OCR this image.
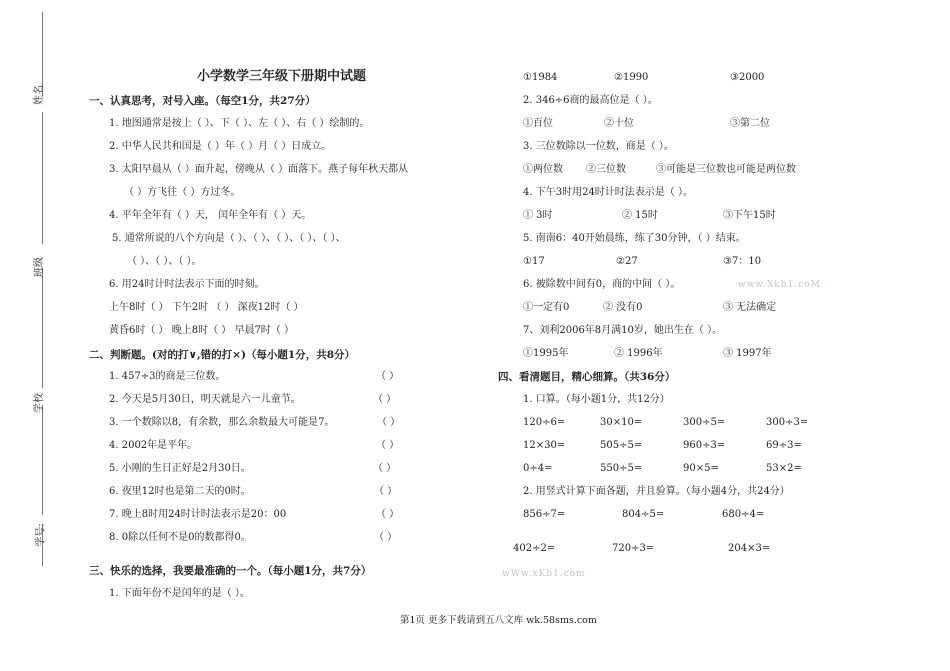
姓名
班级
学校
学号:
小学数学三年级下册期中试题
一、认真思考，对号入座。（每空1分，共27分）
1. 地图通常是按上（ ）、下（ ）、左（ ）、右（ ）绘制的。
2. 中华人民共和国是（ ）年（ ）月（ ）日成立。
3. 太阳早晨从（ ）面升起，傍晚从（ ）面落下。燕子每年秋天都从
（ ）方飞往（ ）方过冬。
4. 平年全年有（ ）天， 闰年全年有（ ）天。
5. 通常所说的八个方向是（ ）、（ ）、（ ）、（ ）、（ ）、
（ ）、（ ）、（ ）。
6. 用24时计时法表示下面的时刻。
上午8时（ ） 下午2时 （ ） 深夜12时（ ）
黄昏6时（ ） 晚上8时（ ） 早晨7时（ ）
二、判断题。(对的打∨,错的打×)（每小题1分，共8分）
1. 457÷3的商是三位数。	（ ）
2. 今天是5月30日，明天就是六一儿童节。	（ ）
3. 一个数除以8，有余数，那么余数最大可能是7。	（ ）
4. 2002年是平年。	（ ）
5. 小刚的生日正好是2月30日。	（ ）
6. 夜里12时也是第二天的0时。	（ ）
7. 晚上8时用24时计时法表示是20：00	（ ）
8. 0除以任何不是0的数都得0。	（ ）
三、快乐的选择，我要最准确的一个。（每小题1分，共7分）
1. 下面年份不是闰年的是（ ）。
①1984	②1990	③2000
2. 346÷6商的最高位是（ ）。
①百位	②十位	③第二位
3. 三位数除以一位数，商是（ ）。
①两位数 ②三位数	③可能是三位数也可能是两位数
4. 下午3时用24时计时法表示是（ ）。
① 3时	② 15时	③下午15时
5. 南南6：40开始晨练，练了30分钟，（ ）结束。
①17	②27	③7：10
6. 被除数中间有0，商的中间（ ）。
①一定有0	② 没有0	③ 无法确定
7、刘利2006年8月满10岁，她出生在（ ）。
①1995年	② 1996年	③ 1997年
四、看清题目，精心细算。（共36分）
1. 口算。（每小题1分，共12分）
120÷6=	30×10=	300÷5=	300÷3=
12×30=	505÷5=	960÷3=	69÷3=
0÷4=	550÷5=	90×5=	53×2=
2. 用竖式计算下面各题，并且验算。（每小题4分，共24分）
856÷7=	804÷5=	680÷4=
402÷2=	720÷3=	204×3=
www.Xkb1.coM
wWw.xKb1.com
第1页 更多下载请到五八文库 wk.58sms.com
